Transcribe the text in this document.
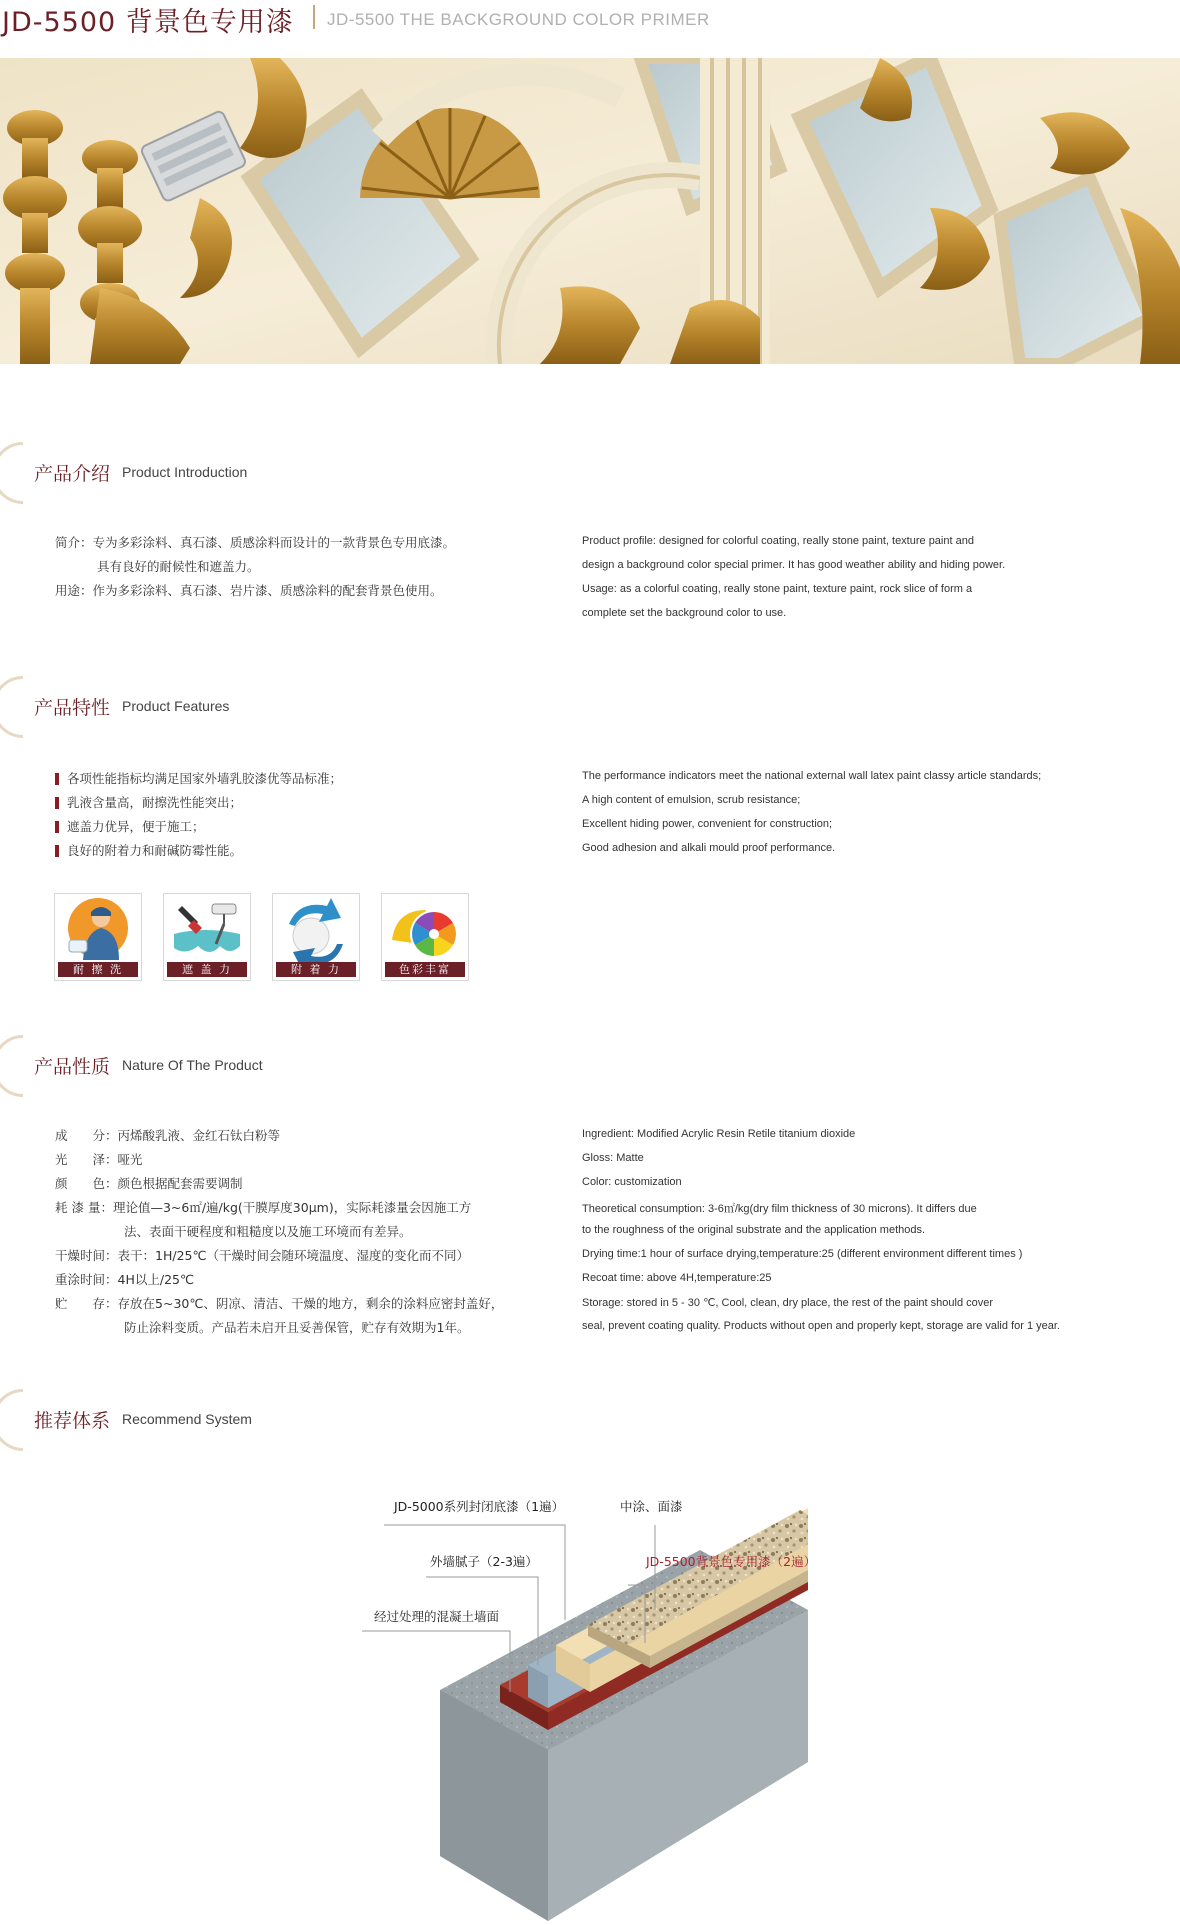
JD-5500 背景色专用漆 JD-5500 THE BACKGROUND COLOR PRIMER
产品介绍 Product Introduction
简介：专为多彩涂料、真石漆、质感涂料而设计的一款背景色专用底漆。
具有良好的耐候性和遮盖力。
用途：作为多彩涂料、真石漆、岩片漆、质感涂料的配套背景色使用。
Product profile: designed for colorful coating, really stone paint, texture paint and
design a background color special primer. It has good weather ability and hiding power.
Usage: as a colorful coating, really stone paint, texture paint, rock slice of form a
complete set the background color to use.
产品特性 Product Features
各项性能指标均满足国家外墙乳胶漆优等品标准；
乳液含量高，耐擦洗性能突出；
遮盖力优异，便于施工；
良好的附着力和耐碱防霉性能。
The performance indicators meet the national external wall latex paint classy article standards;
A high content of emulsion, scrub resistance;
Excellent hiding power, convenient for construction;
Good adhesion and alkali mould proof performance.
耐 擦 洗	遮 盖 力	附 着 力	色彩丰富
产品性质 Nature Of The Product
成　　分：丙烯酸乳液、金红石钛白粉等
光　　泽：哑光
颜　　色：颜色根据配套需要调制
耗 漆 量：理论值—3~6㎡/遍/kg(干膜厚度30μm)，实际耗漆量会因施工方
法、表面干硬程度和粗糙度以及施工环境而有差异。
干燥时间：表干：1H/25℃（干燥时间会随环境温度、湿度的变化而不同）
重涂时间：4H以上/25℃
贮　　存：存放在5~30℃、阴凉、清洁、干燥的地方，剩余的涂料应密封盖好，
防止涂料变质。产品若未启开且妥善保管，贮存有效期为1年。
Ingredient: Modified Acrylic Resin Retile titanium dioxide
Gloss: Matte
Color: customization
Theoretical consumption: 3-6㎡/kg(dry film thickness of 30 microns). It differs due
to the roughness of the original substrate and the application methods.
Drying time:1 hour of surface drying,temperature:25 (different environment different times )
Recoat time: above 4H,temperature:25
Storage: stored in 5 - 30 ℃, Cool, clean, dry place, the rest of the paint should cover
seal, prevent coating quality. Products without open and properly kept, storage are valid for 1 year.
推荐体系 Recommend System
JD-5000系列封闭底漆（1遍）	中涂、面漆
外墙腻子（2-3遍）	JD-5500背景色专用漆（2遍）
经过处理的混凝土墙面
